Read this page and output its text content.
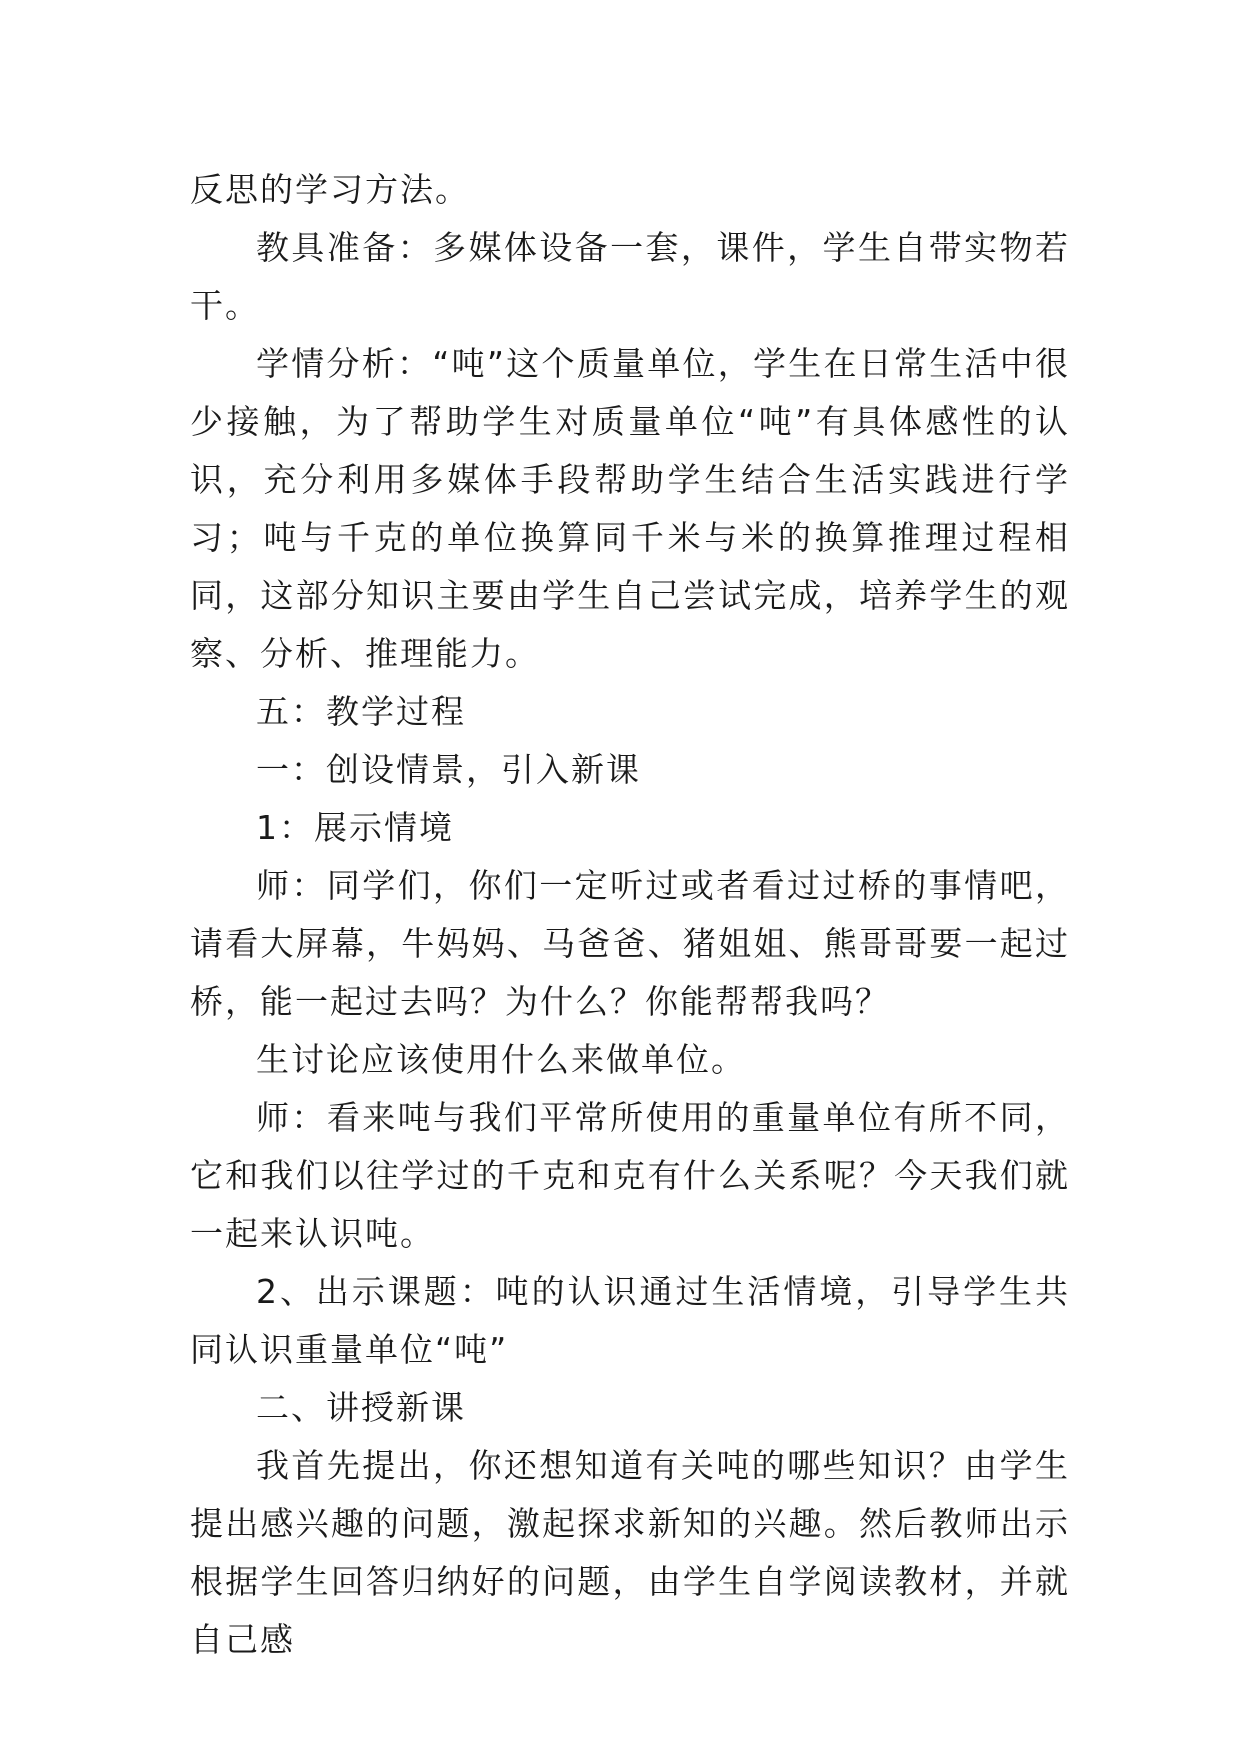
反思的学习方法。

教具准备：多媒体设备一套，课件，学生自带实物若干。

学情分析：“吨”这个质量单位，学生在日常生活中很少接触，为了帮助学生对质量单位“吨”有具体感性的认识，充分利用多媒体手段帮助学生结合生活实践进行学习；吨与千克的单位换算同千米与米的换算推理过程相同，这部分知识主要由学生自己尝试完成，培养学生的观察、分析、推理能力。

五：教学过程

一：创设情景，引入新课

1：展示情境

师：同学们，你们一定听过或者看过过桥的事情吧，请看大屏幕，牛妈妈、马爸爸、猪姐姐、熊哥哥要一起过桥，能一起过去吗？为什么？你能帮帮我吗？

生讨论应该使用什么来做单位。

师：看来吨与我们平常所使用的重量单位有所不同，它和我们以往学过的千克和克有什么关系呢？今天我们就一起来认识吨。

2、出示课题：吨的认识通过生活情境，引导学生共同认识重量单位“吨”

二、讲授新课

我首先提出，你还想知道有关吨的哪些知识？由学生提出感兴趣的问题，激起探求新知的兴趣。然后教师出示根据学生回答归纳好的问题，由学生自学阅读教材，并就自己感
